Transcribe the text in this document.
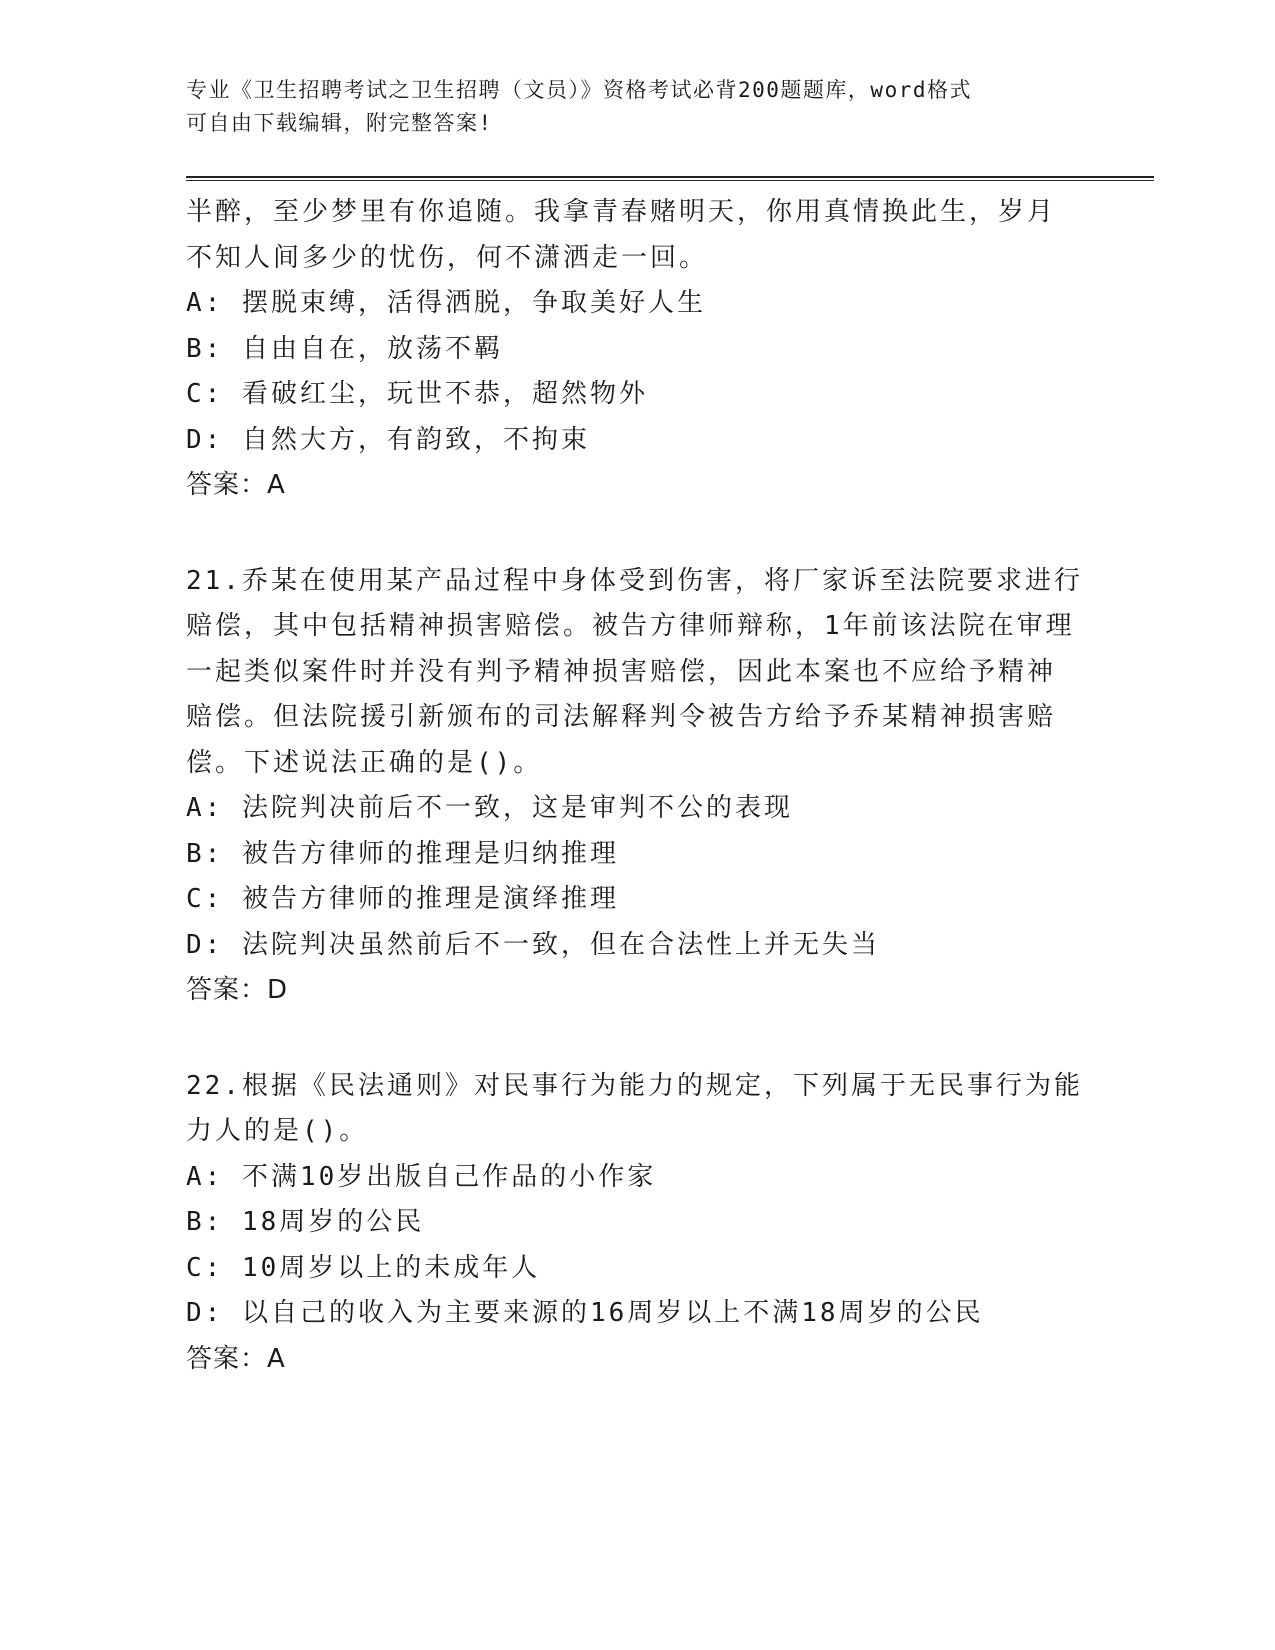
专业《卫生招聘考试之卫生招聘（文员）》资格考试必背200题题库，word格式
可自由下载编辑，附完整答案!
半醉，至少梦里有你追随。我拿青春赌明天，你用真情换此生，岁月
不知人间多少的忧伤，何不潇洒走一回。
A: 摆脱束缚，活得洒脱，争取美好人生
B: 自由自在，放荡不羁
C: 看破红尘，玩世不恭，超然物外
D: 自然大方，有韵致，不拘束
答案：A
21.乔某在使用某产品过程中身体受到伤害，将厂家诉至法院要求进行
赔偿，其中包括精神损害赔偿。被告方律师辩称，1年前该法院在审理
一起类似案件时并没有判予精神损害赔偿，因此本案也不应给予精神
赔偿。但法院援引新颁布的司法解释判令被告方给予乔某精神损害赔
偿。下述说法正确的是()。
A: 法院判决前后不一致，这是审判不公的表现
B: 被告方律师的推理是归纳推理
C: 被告方律师的推理是演绎推理
D: 法院判决虽然前后不一致，但在合法性上并无失当
答案：D
22.根据《民法通则》对民事行为能力的规定，下列属于无民事行为能
力人的是()。
A: 不满10岁出版自己作品的小作家
B: 18周岁的公民
C: 10周岁以上的未成年人
D: 以自己的收入为主要来源的16周岁以上不满18周岁的公民
答案：A
